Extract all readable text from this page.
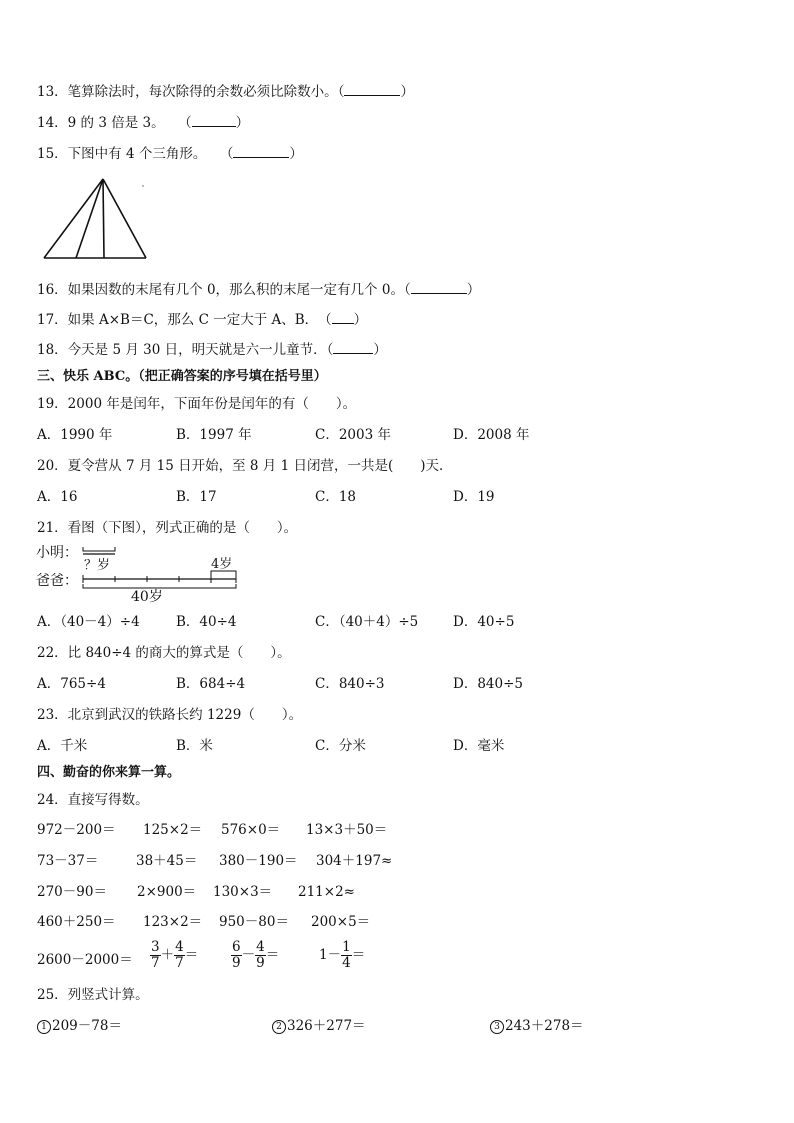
13．笔算除法时，每次除得的余数必须比除数小。（	）
14．9 的 3 倍是 3。　　（	）
15．下图中有 4 个三角形。　　（	）
16．如果因数的末尾有几个 0，那么积的末尾一定有几个 0。（	）
17．如果 A×B＝C，那么 C 一定大于 A、B．　（ ）
18．今天是 5 月 30 日，明天就是六一儿童节．（	）
三、快乐 ABC。（把正确答案的序号填在括号里）
19．2000 年是闰年，下面年份是闰年的有（　　）。
A．1990 年	B．1997 年	C．2003 年	D．2008 年
20．夏令营从 7 月 15 日开始，至 8 月 1 日闭营，一共是(　　)天．
A．16	B．17	C．18	D．19
21．看图（下图），列式正确的是（　　）。
小明：
爸爸：
？岁	4岁
40岁
A．（40－4）÷4	B．40÷4	C．（40＋4）÷5	D．40÷5
22．比 840÷4 的商大的算式是（　　）。
A．765÷4	B．684÷4	C．840÷3	D．840÷5
23．北京到武汉的铁路长约 1229（　　）。
A．千米	B．米	C．分米	D．毫米
四、勤奋的你来算一算。
24．直接写得数。
972－200＝ 125×2＝ 576×0＝ 13×3＋50＝
73－37＝	38＋45＝ 380－190＝ 304＋197≈
270－90＝ 2×900＝ 130×3＝ 211×2≈
460＋250＝ 123×2＝ 950－80＝ 200×5＝
$2600-2000= \frac{3}{7} + \frac{4}{7} = \frac{6}{9} - \frac{4}{9}$ ＝	$1- \frac{1}{4}$ ＝
25．列竖式计算。
1 209－78＝	2 326＋277＝	3 243＋278＝
